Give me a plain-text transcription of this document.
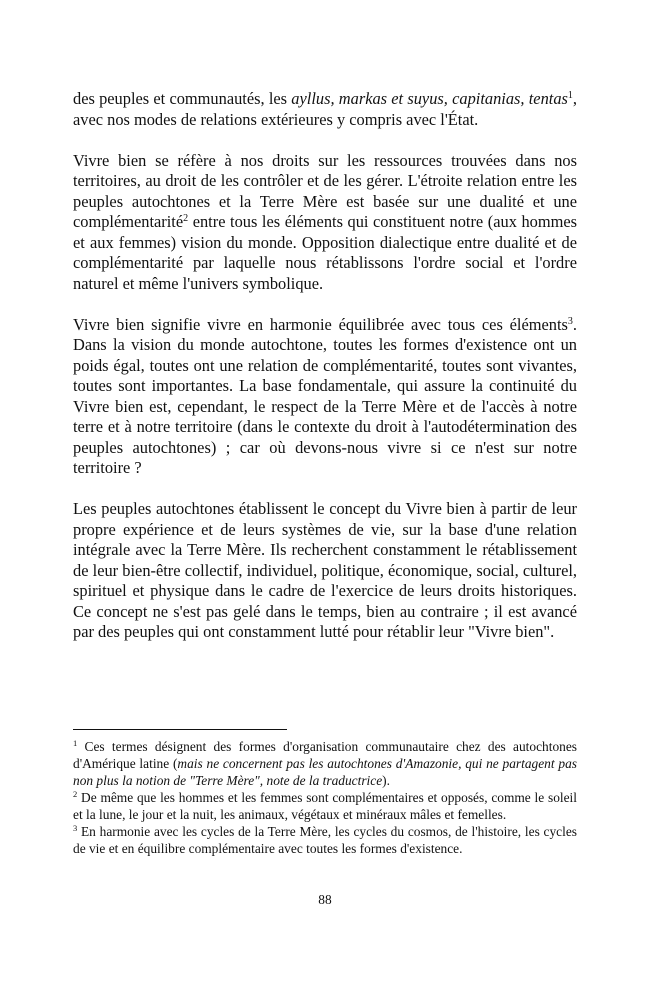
des peuples et communautés, les ayllus, markas et suyus, capitanias, tentas$^1$, avec nos modes de relations extérieures y compris avec l'État.

Vivre bien se réfère à nos droits sur les ressources trouvées dans nos territoires, au droit de les contrôler et de les gérer. L'étroite relation entre les peuples autochtones et la Terre Mère est basée sur une dualité et une complémentarité$^2$ entre tous les éléments qui constituent notre (aux hommes et aux femmes) vision du monde. Opposition dialectique entre dualité et de complémentarité par laquelle nous rétablissons l'ordre social et l'ordre naturel et même l'univers symbolique.

Vivre bien signifie vivre en harmonie équilibrée avec tous ces éléments$^3$. Dans la vision du monde autochtone, toutes les formes d'existence ont un poids égal, toutes ont une relation de complémentarité, toutes sont vivantes, toutes sont importantes. La base fondamentale, qui assure la continuité du Vivre bien est, cependant, le respect de la Terre Mère et de l'accès à notre terre et à notre territoire (dans le contexte du droit à l'autodétermination des peuples autochtones) ; car où devons-nous vivre si ce n'est sur notre territoire ?

Les peuples autochtones établissent le concept du Vivre bien à partir de leur propre expérience et de leurs systèmes de vie, sur la base d'une relation intégrale avec la Terre Mère. Ils recherchent constamment le rétablissement de leur bien-être collectif, individuel, politique, économique, social, culturel, spirituel et physique dans le cadre de l'exercice de leurs droits historiques. Ce concept ne s'est pas gelé dans le temps, bien au contraire ; il est avancé par des peuples qui ont constamment lutté pour rétablir leur "Vivre bien".

$^1$ Ces termes désignent des formes d'organisation communautaire chez des autochtones d'Amérique latine (mais ne concernent pas les autochtones d'Amazonie, qui ne partagent pas non plus la notion de "Terre Mère", note de la traductrice).

$^2$ De même que les hommes et les femmes sont complémentaires et opposés, comme le soleil et la lune, le jour et la nuit, les animaux, végétaux et minéraux mâles et femelles.

$^3$ En harmonie avec les cycles de la Terre Mère, les cycles du cosmos, de l'histoire, les cycles de vie et en équilibre complémentaire avec toutes les formes d'existence.

88
